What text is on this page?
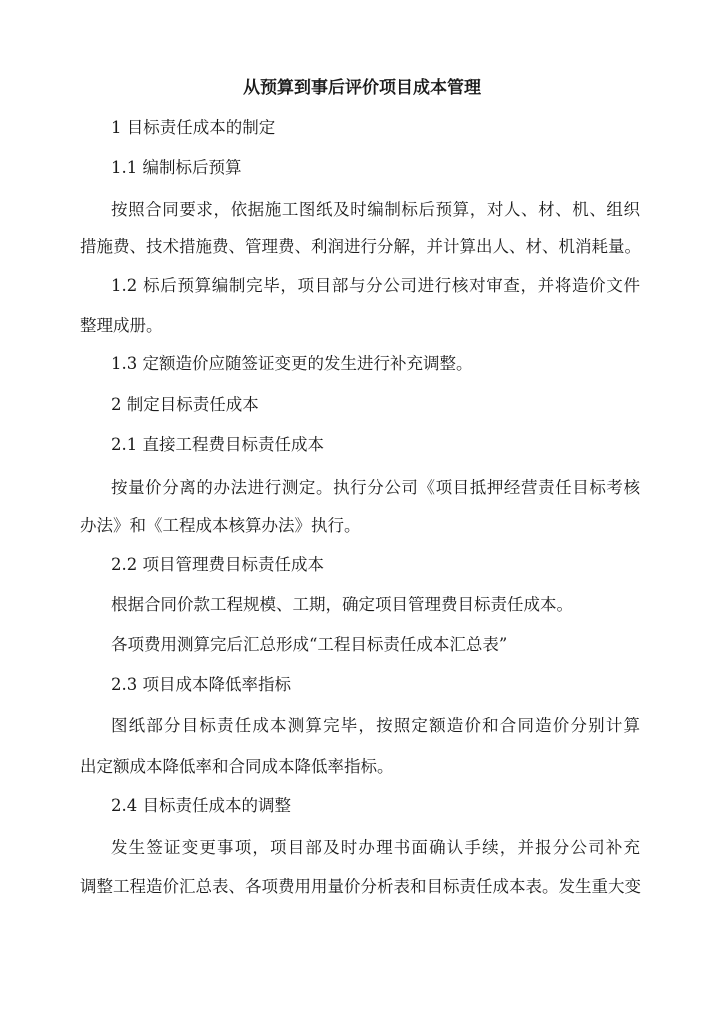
从预算到事后评价项目成本管理
1 目标责任成本的制定
1.1 编制标后预算
按照合同要求，依据施工图纸及时编制标后预算，对人、材、机、组织
措施费、技术措施费、管理费、利润进行分解，并计算出人、材、机消耗量。
1.2 标后预算编制完毕，项目部与分公司进行核对审查，并将造价文件
整理成册。
1.3 定额造价应随签证变更的发生进行补充调整。
2 制定目标责任成本
2.1 直接工程费目标责任成本
按量价分离的办法进行测定。执行分公司《项目抵押经营责任目标考核
办法》和《工程成本核算办法》执行。
2.2 项目管理费目标责任成本
根据合同价款工程规模、工期，确定项目管理费目标责任成本。
各项费用测算完后汇总形成“工程目标责任成本汇总表”
2.3 项目成本降低率指标
图纸部分目标责任成本测算完毕，按照定额造价和合同造价分别计算
出定额成本降低率和合同成本降低率指标。
2.4 目标责任成本的调整
发生签证变更事项，项目部及时办理书面确认手续，并报分公司补充
调整工程造价汇总表、各项费用用量价分析表和目标责任成本表。发生重大变
